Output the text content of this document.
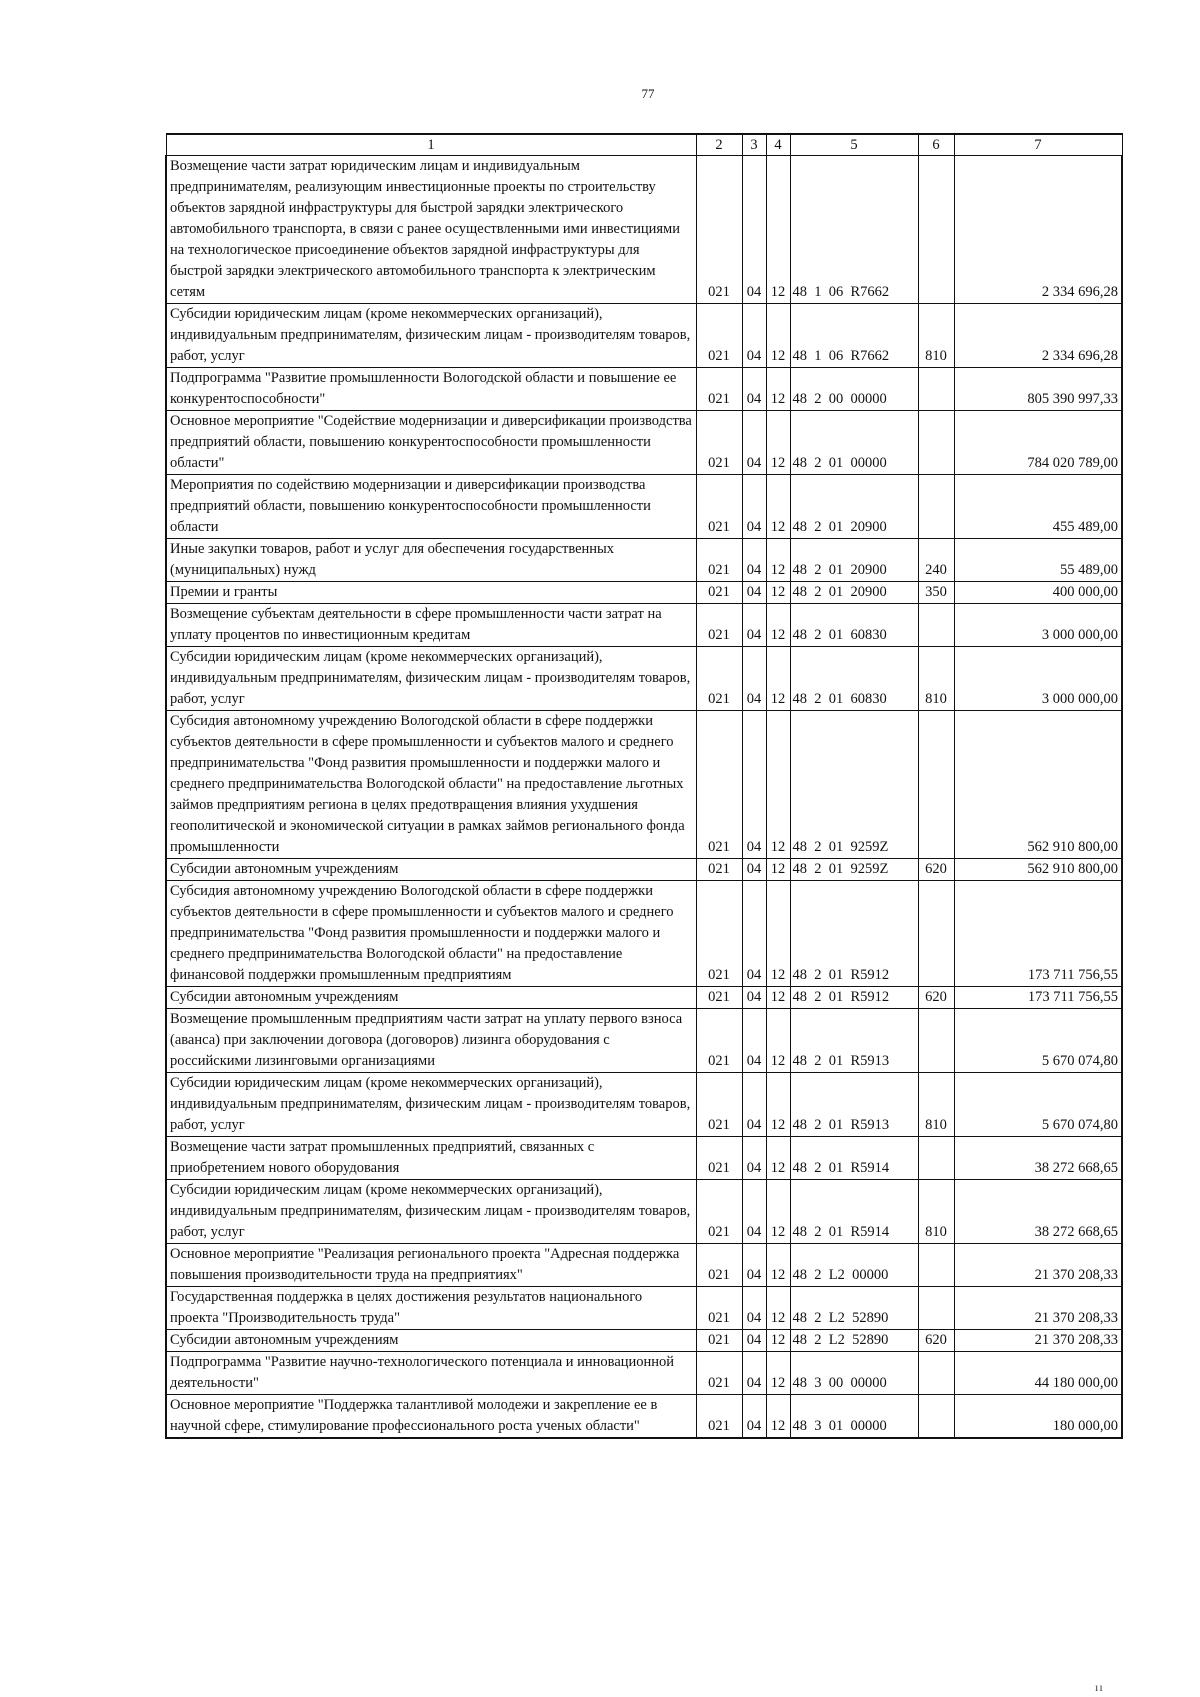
77
1	2	3	4	5	6	7
Возмещение части затрат юридическим лицам и индивидуальным предпринимателям, реализующим инвестиционные проекты по строительству объектов зарядной инфраструктуры для быстрой зарядки электрического автомобильного транспорта, в связи с ранее осуществленными ими инвестициями на технологическое присоединение объектов зарядной инфраструктуры для быстрой зарядки электрического автомобильного транспорта к электрическим сетям	021	04	12	48  1  06  R7662		2 334 696,28
Субсидии юридическим лицам (кроме некоммерческих организаций), индивидуальным предпринимателям, физическим лицам - производителям товаров, работ, услуг	021	04	12	48  1  06  R7662	810	2 334 696,28
Подпрограмма "Развитие промышленности Вологодской области и повышение ее конкурентоспособности"	021	04	12	48  2  00  00000		805 390 997,33
Основное мероприятие "Содействие модернизации и диверсификации производства предприятий области, повышению конкурентоспособности промышленности области"	021	04	12	48  2  01  00000		784 020 789,00
Мероприятия по содействию модернизации и диверсификации производства предприятий области, повышению конкурентоспособности промышленности области	021	04	12	48  2  01  20900		455 489,00
Иные закупки товаров, работ и услуг для обеспечения государственных (муниципальных) нужд	021	04	12	48  2  01  20900	240	55 489,00
Премии и гранты	021	04	12	48  2  01  20900	350	400 000,00
Возмещение субъектам деятельности в сфере промышленности части затрат на уплату процентов по инвестиционным кредитам	021	04	12	48  2  01  60830		3 000 000,00
Субсидии юридическим лицам (кроме некоммерческих организаций), индивидуальным предпринимателям, физическим лицам - производителям товаров, работ, услуг	021	04	12	48  2  01  60830	810	3 000 000,00
Субсидия автономному учреждению Вологодской области в сфере поддержки субъектов деятельности в сфере промышленности и субъектов малого и среднего предпринимательства "Фонд развития промышленности и поддержки малого и среднего предпринимательства Вологодской области" на предоставление льготных займов предприятиям региона в целях предотвращения влияния ухудшения геополитической и экономической ситуации в рамках займов регионального фонда промышленности	021	04	12	48  2  01  9259Z		562 910 800,00
Субсидии автономным учреждениям	021	04	12	48  2  01  9259Z	620	562 910 800,00
Субсидия автономному учреждению Вологодской области в сфере поддержки субъектов деятельности в сфере промышленности и субъектов малого и среднего предпринимательства "Фонд развития промышленности и поддержки малого и среднего предпринимательства Вологодской области" на предоставление финансовой поддержки промышленным предприятиям	021	04	12	48  2  01  R5912		173 711 756,55
Субсидии автономным учреждениям	021	04	12	48  2  01  R5912	620	173 711 756,55
Возмещение промышленным предприятиям части затрат на уплату первого взноса (аванса) при заключении договора (договоров) лизинга оборудования с российскими лизинговыми организациями	021	04	12	48  2  01  R5913		5 670 074,80
Субсидии юридическим лицам (кроме некоммерческих организаций), индивидуальным предпринимателям, физическим лицам - производителям товаров, работ, услуг	021	04	12	48  2  01  R5913	810	5 670 074,80
Возмещение части затрат промышленных предприятий, связанных с приобретением нового оборудования	021	04	12	48  2  01  R5914		38 272 668,65
Субсидии юридическим лицам (кроме некоммерческих организаций), индивидуальным предпринимателям, физическим лицам - производителям товаров, работ, услуг	021	04	12	48  2  01  R5914	810	38 272 668,65
Основное мероприятие "Реализация регионального проекта "Адресная поддержка повышения производительности труда на предприятиях"	021	04	12	48  2  L2  00000		21 370 208,33
Государственная поддержка в целях достижения результатов национального проекта "Производительность труда"	021	04	12	48  2  L2  52890		21 370 208,33
Субсидии автономным учреждениям	021	04	12	48  2  L2  52890	620	21 370 208,33
Подпрограмма "Развитие научно-технологического потенциала и инновационной деятельности"	021	04	12	48  3  00  00000		44 180 000,00
Основное мероприятие "Поддержка талантливой молодежи и закрепление ее в научной сфере, стимулирование профессионального роста ученых области"	021	04	12	48  3  01  00000		180 000,00
ıı
